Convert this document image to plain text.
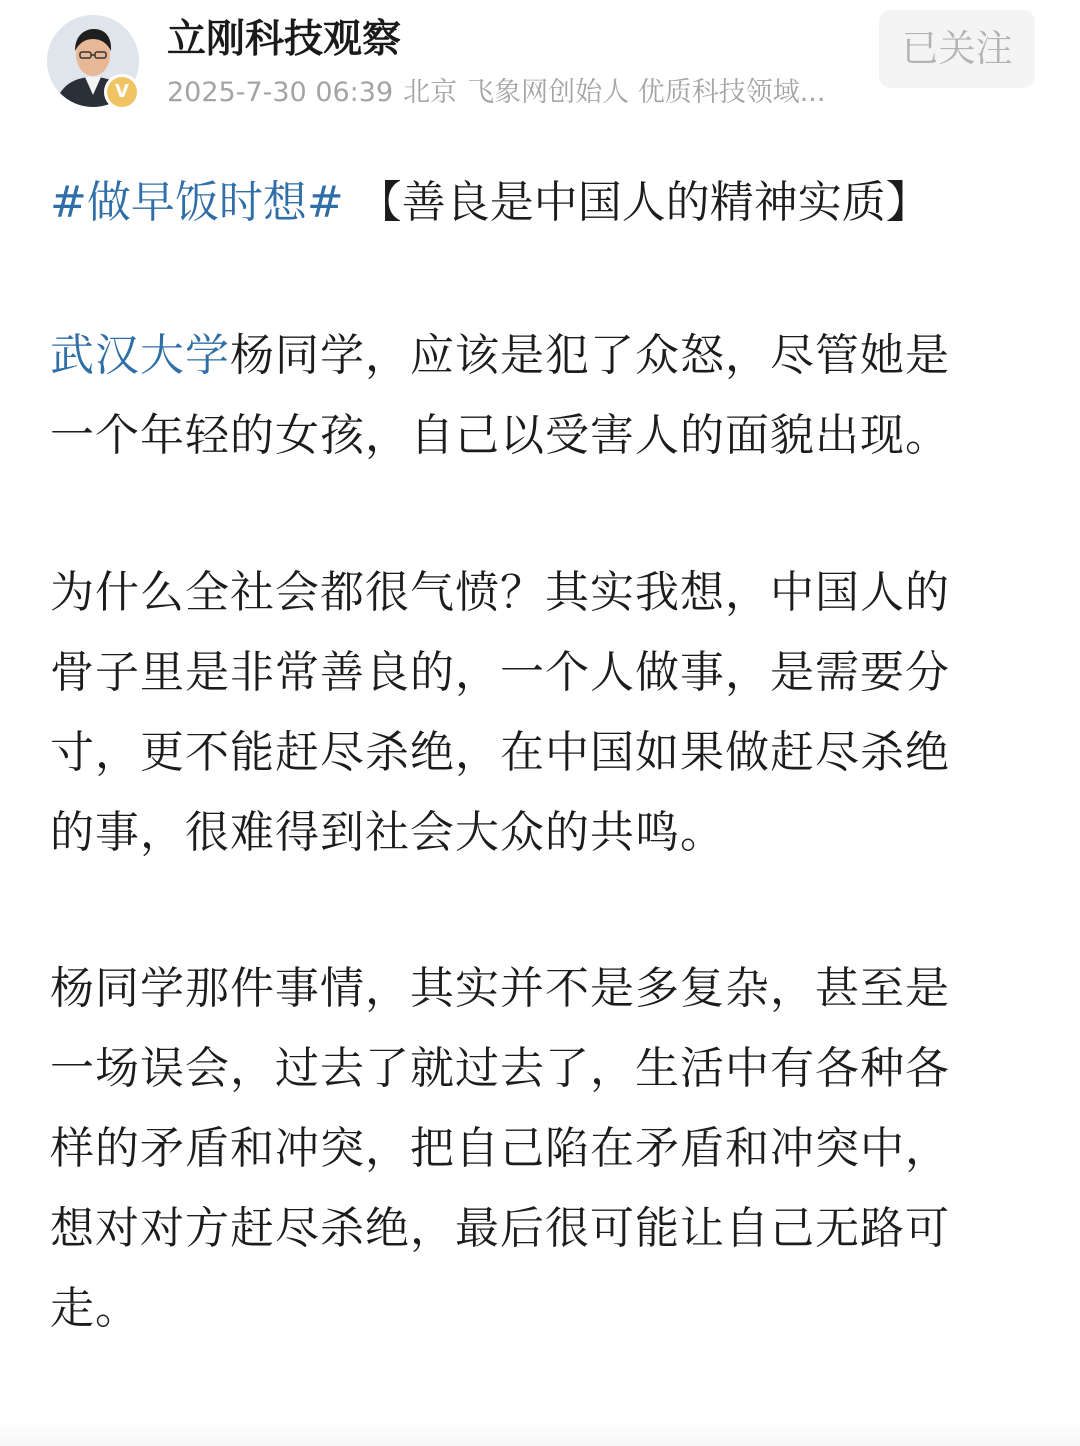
V
立刚科技观察
2025-7-30 06:39 北京 飞象网创始人 优质科技领域...
已关注

#做早饭时想# 【善良是中国人的精神实质】

武汉大学杨同学，应该是犯了众怒，尽管她是
一个年轻的女孩，自己以受害人的面貌出现。

为什么全社会都很气愤？其实我想，中国人的
骨子里是非常善良的，一个人做事，是需要分
寸，更不能赶尽杀绝，在中国如果做赶尽杀绝
的事，很难得到社会大众的共鸣。

杨同学那件事情，其实并不是多复杂，甚至是
一场误会，过去了就过去了，生活中有各种各
样的矛盾和冲突，把自己陷在矛盾和冲突中，
想对对方赶尽杀绝，最后很可能让自己无路可
走。
